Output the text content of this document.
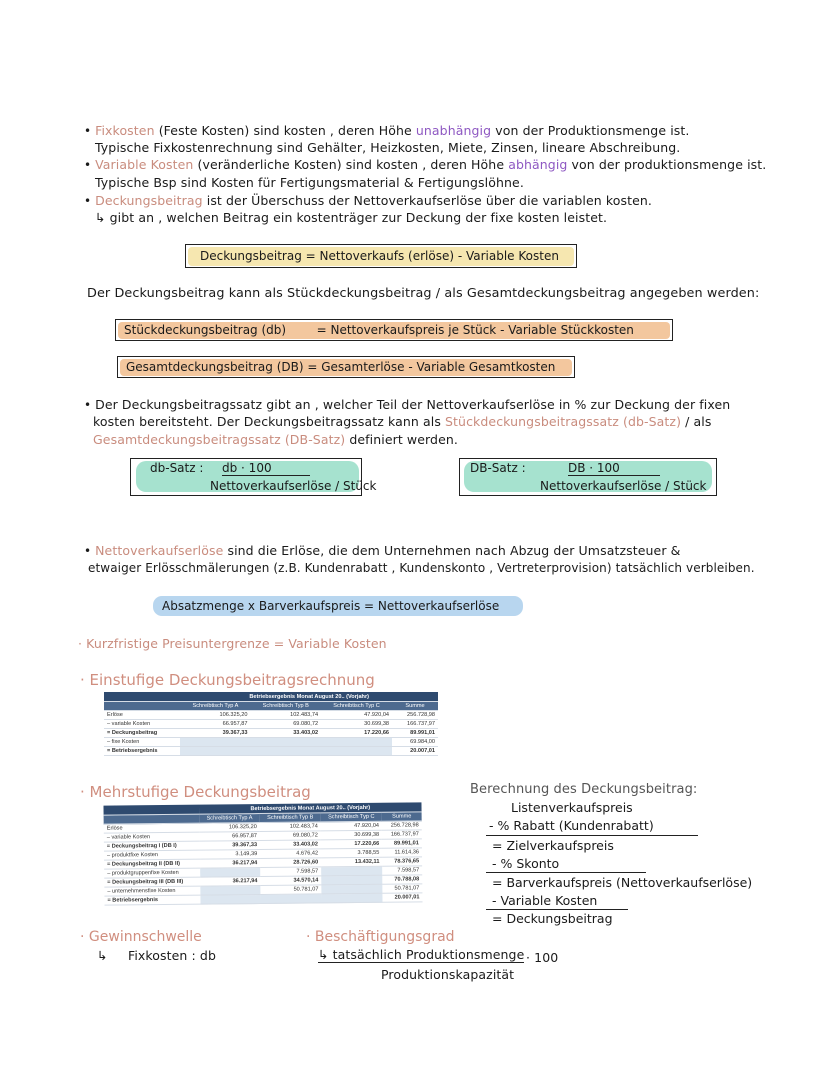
• Fixkosten (Feste Kosten) sind kosten , deren Höhe unabhängig von der Produktionsmenge ist.
Typische Fixkostenrechnung sind Gehälter, Heizkosten, Miete, Zinsen, lineare Abschreibung.
• Variable Kosten (veränderliche Kosten) sind kosten , deren Höhe abhängig von der produktionsmenge ist.
Typische Bsp sind Kosten für Fertigungsmaterial & Fertigungslöhne.
• Deckungsbeitrag ist der Überschuss der Nettoverkaufserlöse über die variablen kosten.
↳ gibt an , welchen Beitrag ein kostenträger zur Deckung der fixe kosten leistet.
Deckungsbeitrag = Nettoverkaufs (erlöse) - Variable Kosten
Der Deckungsbeitrag kann als Stückdeckungsbeitrag / als Gesamtdeckungsbeitrag angegeben werden:
Stückdeckungsbeitrag (db)        = Nettoverkaufspreis je Stück - Variable Stückkosten
Gesamtdeckungsbeitrag (DB) = Gesamterlöse - Variable Gesamtkosten
• Der Deckungsbeitragssatz gibt an , welcher Teil der Nettoverkaufserlöse in % zur Deckung der fixen
kosten bereitsteht. Der Deckungsbeitragssatz kann als Stückdeckungsbeitragssatz (db-Satz) / als
Gesamtdeckungsbeitragssatz (DB-Satz) definiert werden.
db-Satz : db · 100
Nettoverkaufserlöse / Stück
DB-Satz :	DB · 100
Nettoverkaufserlöse / Stück
• Nettoverkaufserlöse sind die Erlöse, die dem Unternehmen nach Abzug der Umsatzsteuer &
etwaiger Erlösschmälerungen (z.B. Kundenrabatt , Kundenskonto , Vertreterprovision) tatsächlich verbleiben.
Absatzmenge x Barverkaufspreis = Nettoverkaufserlöse
· Kurzfristige Preisuntergrenze = Variable Kosten
· Einstufige Deckungsbeitragsrechnung
	Betriebsergebnis Monat August 20.. (Vorjahr)			
	Schreibtisch Typ A	Schreibtisch Typ B	Schreibtisch Typ C	Summe
Erlöse	106.325,20	102.483,74	47.920,04	256.728,98
– variable Kosten	66.957,87	69.080,72	30.699,38	166.737,97
= Deckungsbeitrag	39.367,33	33.403,02	17.220,66	89.991,01
– fixe Kosten				69.984,00
= Betriebsergebnis				20.007,01
· Mehrstufige Deckungsbeitrag
	Betriebsergebnis Monat August 20.. (Vorjahr)			
	Schreibtisch Typ A	Schreibtisch Typ B	Schreibtisch Typ C	Summe
Erlöse	106.325,20	102.483,74	47.920,04	256.728,98
– variable Kosten	66.957,87	69.080,72	30.699,38	166.737,97
= Deckungsbeitrag I (DB I)	39.367,33	33.403,02	17.220,66	89.991,01
– produktfixe Kosten	3.149,39	4.676,42	3.788,55	11.614,36
= Deckungsbeitrag II (DB II)	36.217,94	28.726,60	13.432,11	78.376,65
– produktgruppenfixe Kosten		7.598,57		7.598,57
= Deckungsbeitrag III (DB III)	36.217,94	34.570,14		70.788,08
– unternehmensfixe Kosten		50.781,07		50.781,07
= Betriebsergebnis				20.007,01
Berechnung des Deckungsbeitrag:
Listenverkaufspreis
- % Rabatt (Kundenrabatt)
= Zielverkaufspreis
- % Skonto
= Barverkaufspreis (Nettoverkaufserlöse)
- Variable Kosten
= Deckungsbeitrag
· Gewinnschwelle
↳     Fixkosten : db
· Beschäftigungsgrad
↳ tatsächlich Produktionsmenge · 100
Produktionskapazität
